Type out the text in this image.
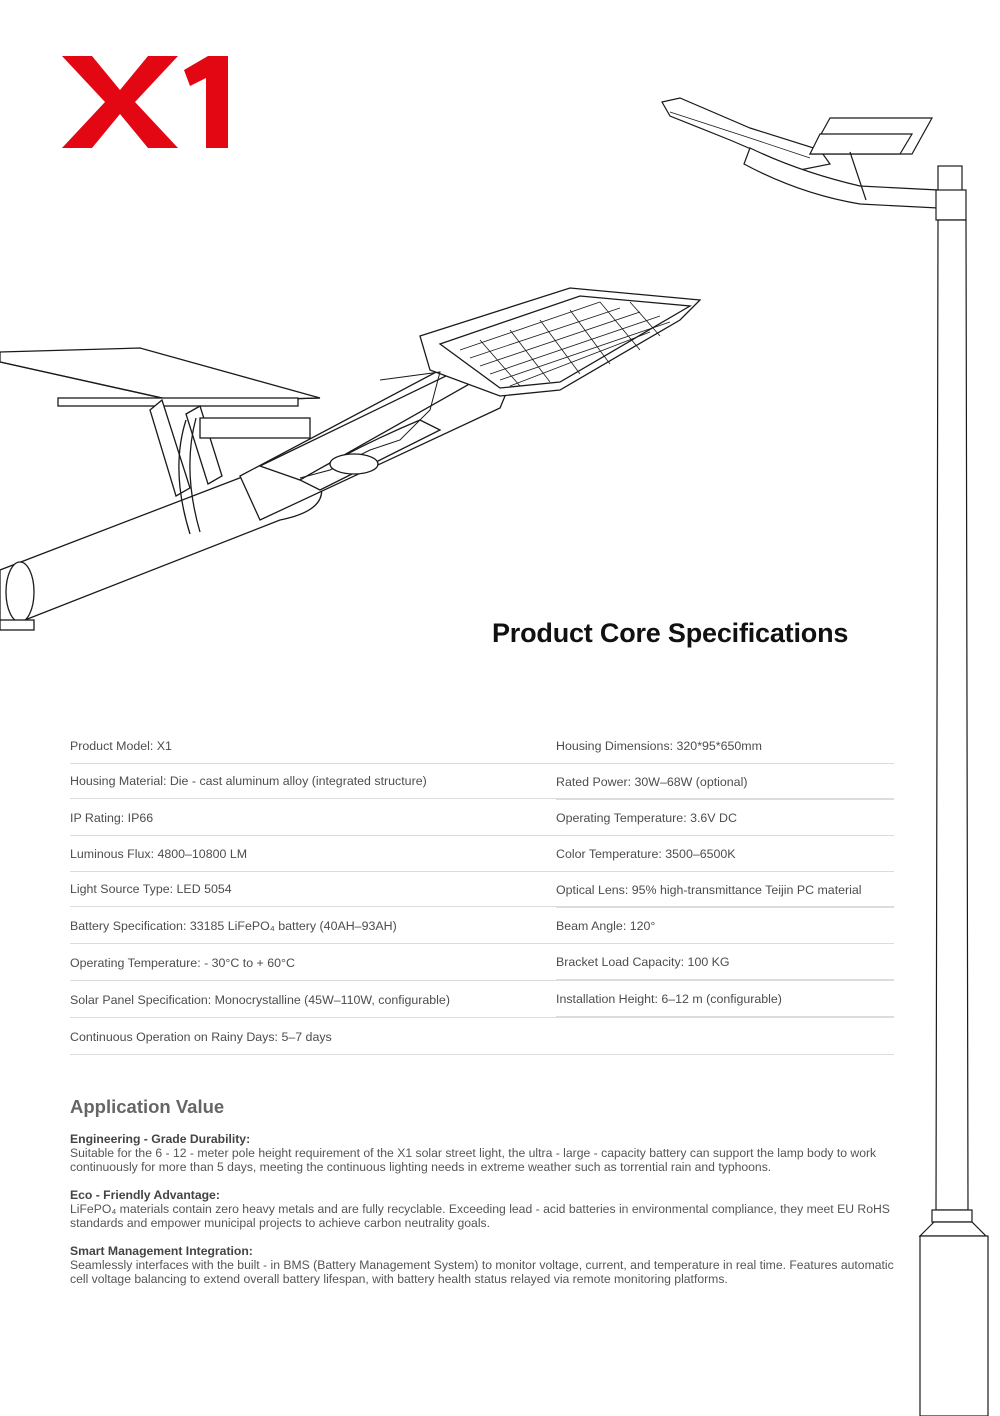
Product Core Specifications
Product Model: X1
Housing Material: Die - cast aluminum alloy (integrated structure)
IP Rating: IP66
Luminous Flux: 4800–10800 LM
Light Source Type: LED 5054
Battery Specification: 33185 LiFePO₄ battery (40AH–93AH)
Operating Temperature: - 30°C to + 60°C
Solar Panel Specification: Monocrystalline (45W–110W, configurable)
Continuous Operation on Rainy Days: 5–7 days
Housing Dimensions: 320*95*650mm
Rated Power: 30W–68W (optional)
Operating Temperature: 3.6V DC
Color Temperature: 3500–6500K
Optical Lens: 95% high-transmittance Teijin PC material
Beam Angle: 120°
Bracket Load Capacity: 100 KG
Installation Height: 6–12 m (configurable)
Application Value
Engineering - Grade Durability:
Suitable for the 6 - 12 - meter pole height requirement of the X1 solar street light, the ultra - large - capacity battery can support the lamp body to work continuously for more than 5 days, meeting the continuous lighting needs in extreme weather such as torrential rain and typhoons.
Eco - Friendly Advantage:
LiFePO₄ materials contain zero heavy metals and are fully recyclable. Exceeding lead - acid batteries in environmental compliance, they meet EU RoHS standards and empower municipal projects to achieve carbon neutrality goals.
Smart Management Integration:
Seamlessly interfaces with the built - in BMS (Battery Management System) to monitor voltage, current, and temperature in real time. Features automatic cell voltage balancing to extend overall battery lifespan, with battery health status relayed via remote monitoring platforms.
